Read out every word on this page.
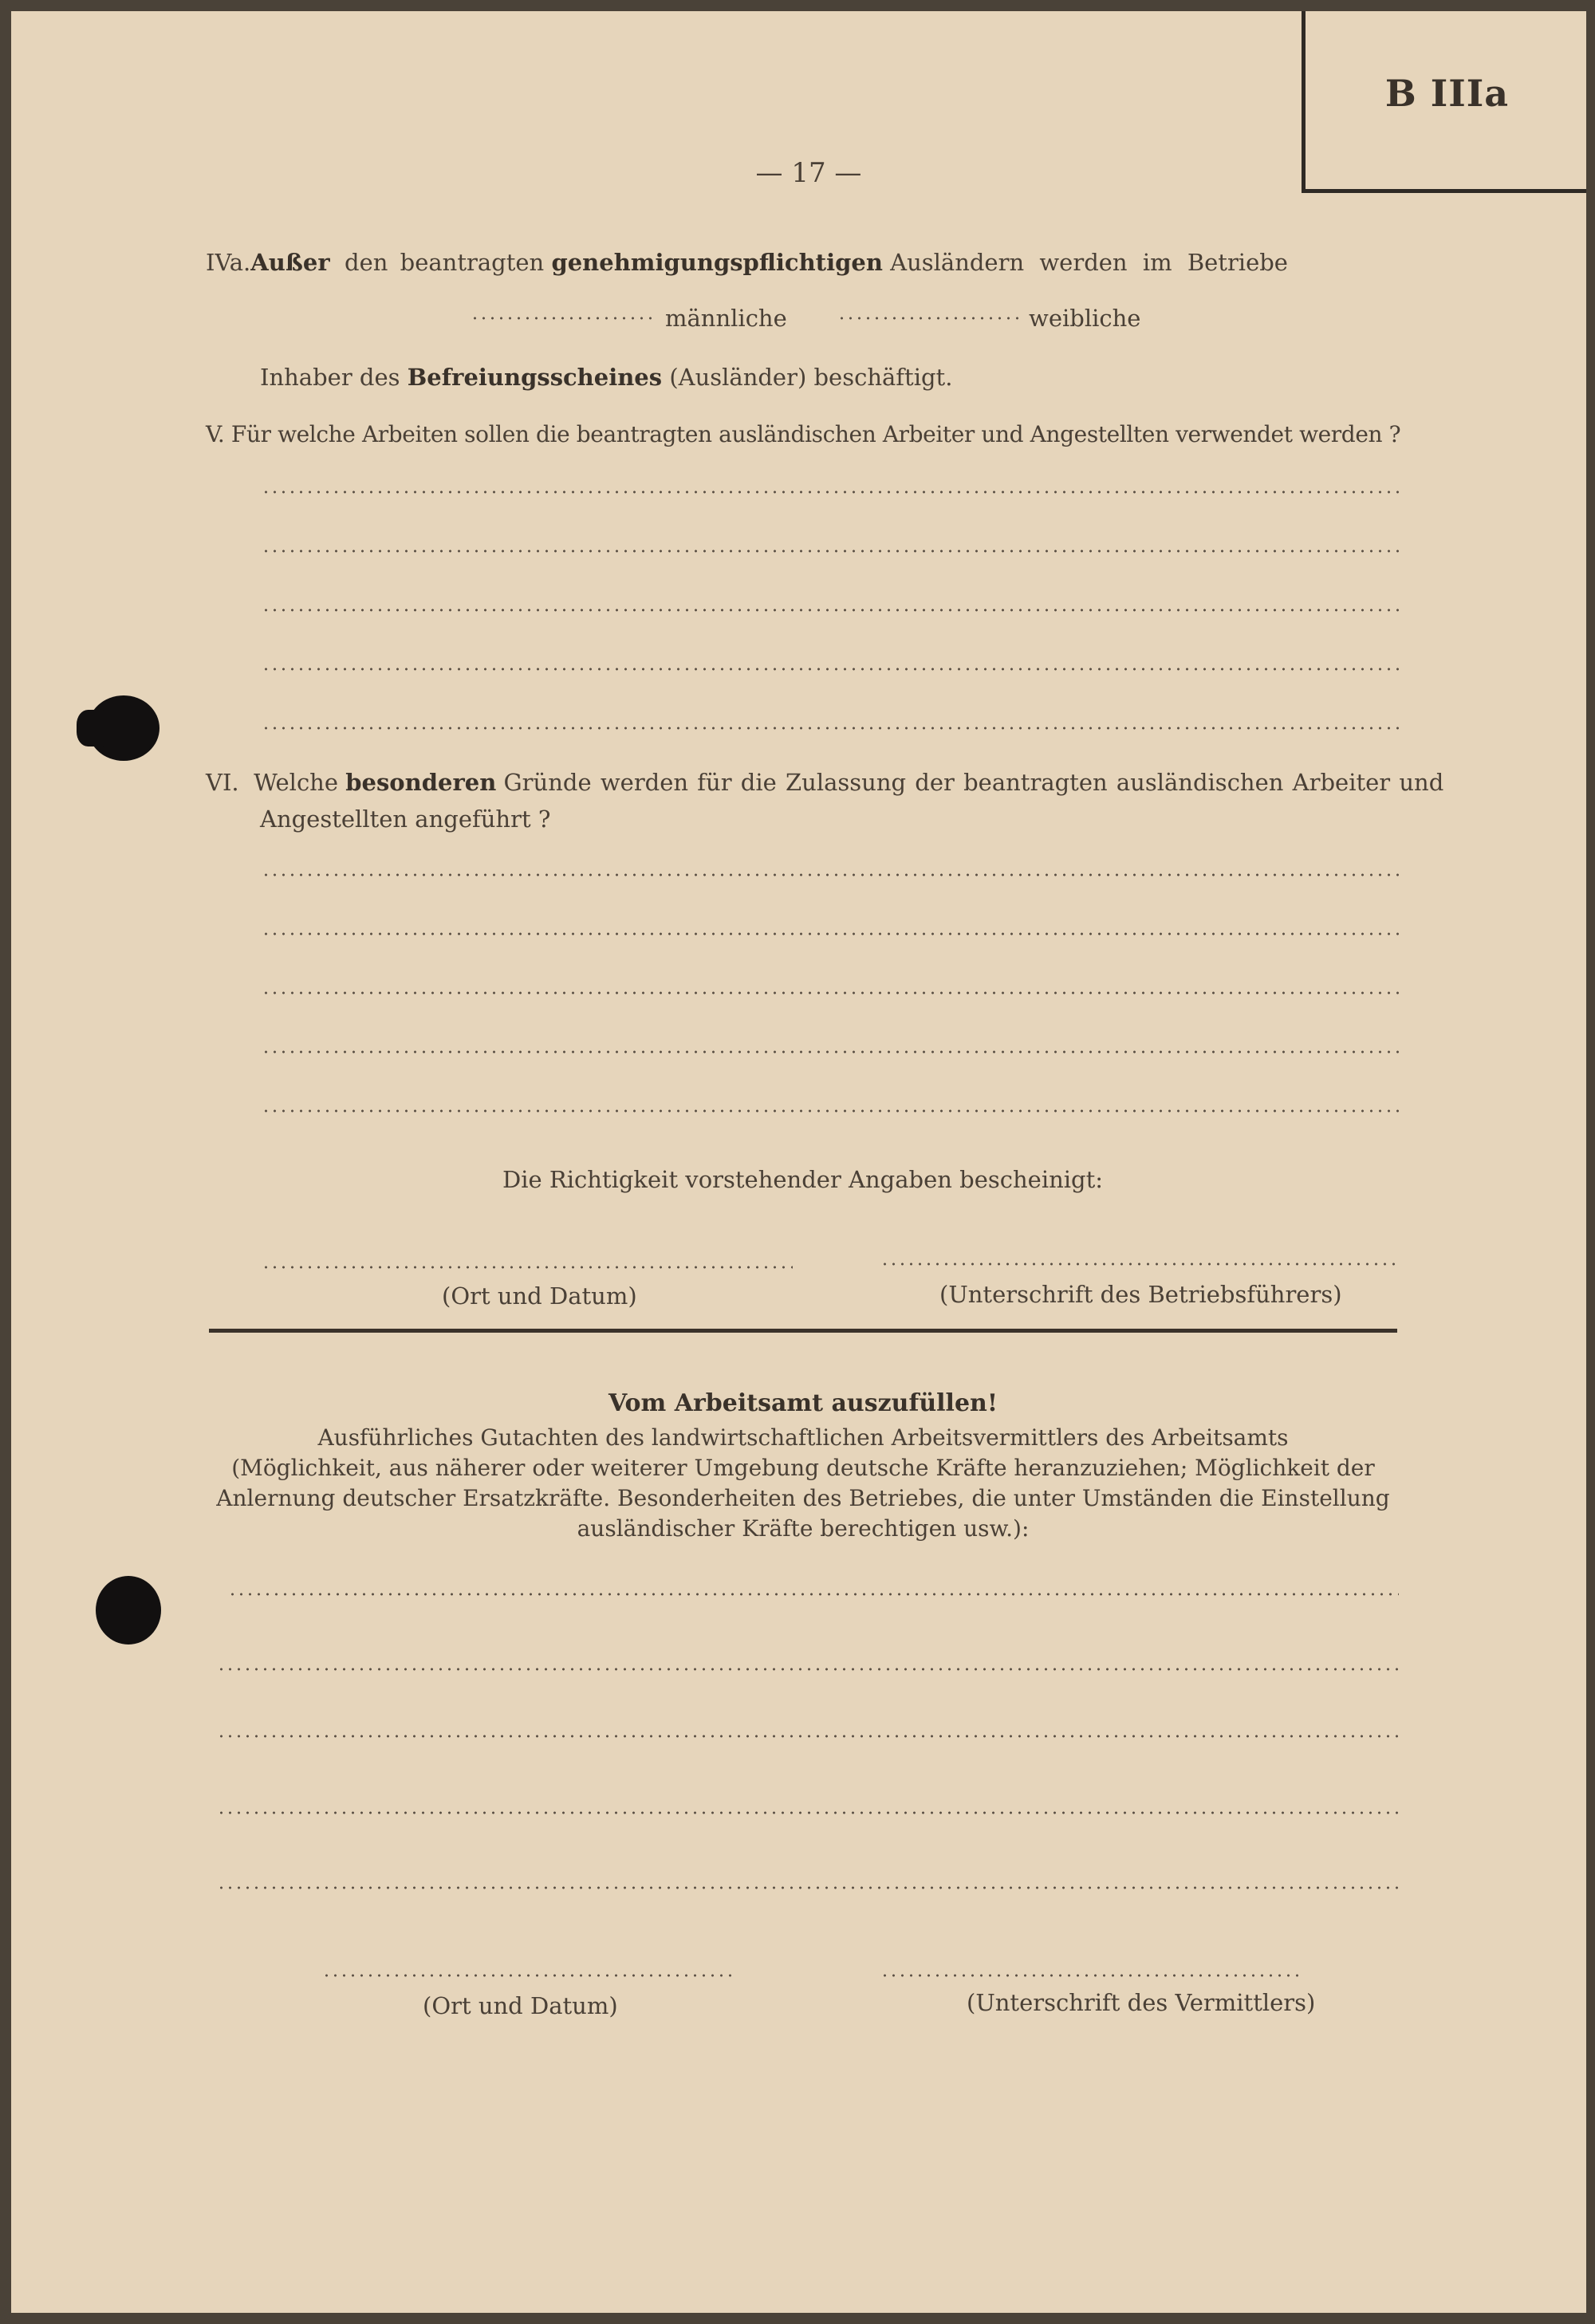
B IIIa
— 17 —
IVa.Außer den beantragten genehmigungspflichtigen Ausländern werden im Betriebe
männliche	weibliche
Inhaber des Befreiungsscheines (Ausländer) beschäftigt.
V. Für welche Arbeiten sollen die beantragten ausländischen Arbeiter und Angestellten verwendet werden ?
VI. Welche besonderen Gründe werden für die Zulassung der beantragten ausländischen Arbeiter und
Angestellten angeführt ?
Die Richtigkeit vorstehender Angaben bescheinigt:
(Ort und Datum)	(Unterschrift des Betriebsführers)
Vom Arbeitsamt auszufüllen!
Ausführliches Gutachten des landwirtschaftlichen Arbeitsvermittlers des Arbeitsamts
(Möglichkeit, aus näherer oder weiterer Umgebung deutsche Kräfte heranzuziehen; Möglichkeit der
Anlernung deutscher Ersatzkräfte. Besonderheiten des Betriebes, die unter Umständen die Einstellung
ausländischer Kräfte berechtigen usw.):
(Ort und Datum)	(Unterschrift des Vermittlers)
